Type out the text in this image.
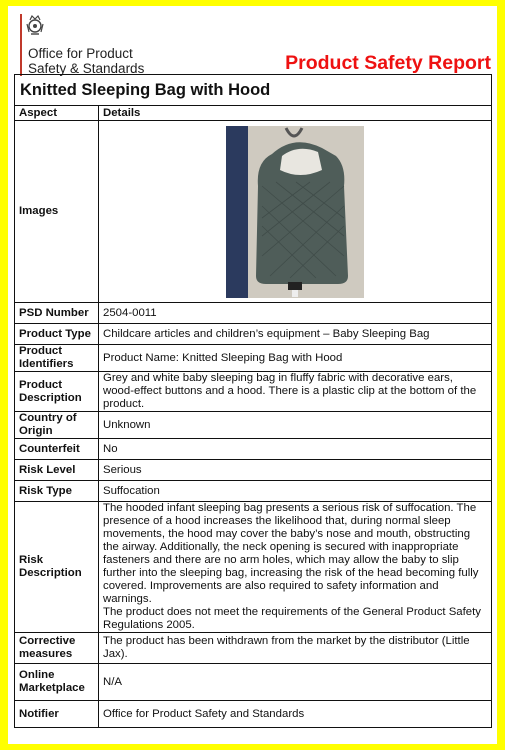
Office for Product
Safety & Standards	Product Safety Report
Knitted Sleeping Bag with Hood	
Aspect	Details
Images	

PSD Number	2504-0011
Product Type	Childcare articles and children’s equipment – Baby Sleeping Bag
Product Identifiers	Product Name: Knitted Sleeping Bag with Hood
Product Description	Grey and white baby sleeping bag in fluffy fabric with decorative ears, wood-effect buttons and a hood. There is a plastic clip at the bottom of the product.
Country of Origin	Unknown
Counterfeit	No
Risk Level	Serious
Risk Type	Suffocation
Risk Description	The hooded infant sleeping bag presents a serious risk of suffocation. The presence of a hood increases the likelihood that, during normal sleep movements, the hood may cover the baby’s nose and mouth, obstructing the airway. Additionally, the neck opening is secured with inappropriate fasteners and there are no arm holes, which may allow the baby to slip further into the sleeping bag, increasing the risk of the head becoming fully covered. Improvements are also required to safety information and warnings.
The product does not meet the requirements of the General Product Safety Regulations 2005.

Corrective measures	The product has been withdrawn from the market by the distributor (Little Jax).
Online Marketplace	N/A
Notifier	Office for Product Safety and Standards
